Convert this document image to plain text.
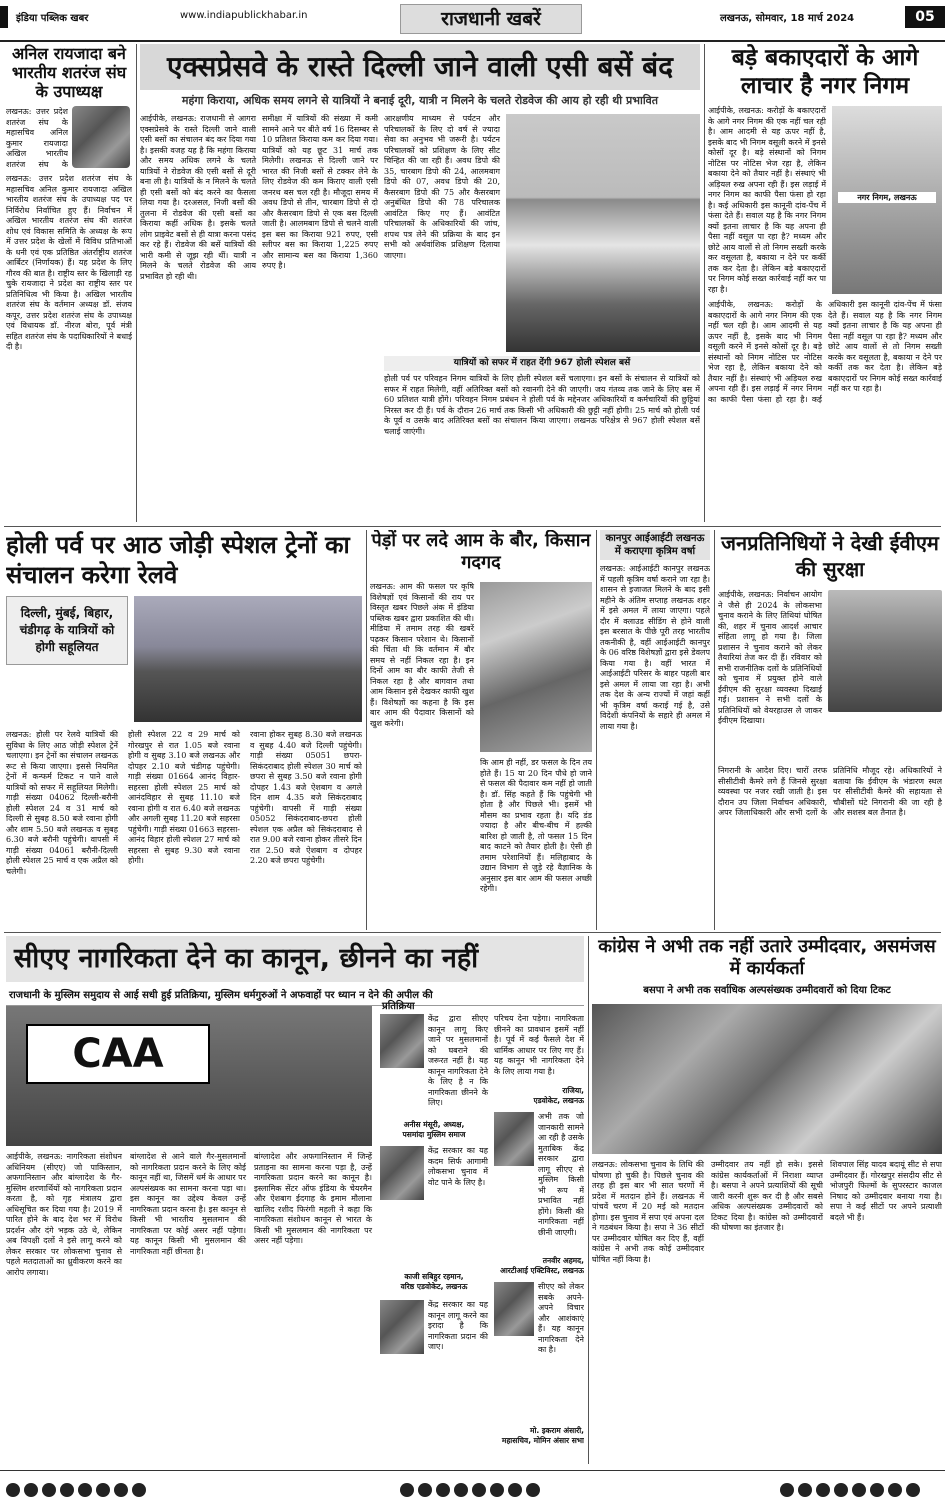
इंडिया पब्लिक खबर	www.indiapublickhabar.in	राजधानी खबरें	लखनऊ, सोमवार, 18 मार्च 2024	05
अनिल रायजादा बने भारतीय शतरंज संघ के उपाध्यक्ष
लखनऊ: उत्तर प्रदेश शतरंज संघ के महासचिव अनिल कुमार रायजादा अखिल भारतीय शतरंज संघ के
लखनऊ: उत्तर प्रदेश शतरंज संघ के महासचिव अनिल कुमार रायजादा अखिल भारतीय शतरंज संघ के उपाध्यक्ष पद पर निर्विरोध निर्वाचित हुए हैं। निर्वाचन में अखिल भारतीय शतरंज संघ की शतरंज शोध एवं विकास समिति के अध्यक्ष के रूप में उत्तर प्रदेश के खेलों में विविध प्रतिभाओं के धनी एवं एक प्रतिष्ठित अंतर्राष्ट्रीय शतरंज आर्बिटर (निर्णायक) हैं। यह प्रदेश के लिए गौरव की बात है। राष्ट्रीय स्तर के खिलाड़ी रह चुके रायजादा ने प्रदेश का राष्ट्रीय स्तर पर प्रतिनिधित्व भी किया है। अखिल भारतीय शतरंज संघ के वर्तमान अध्यक्ष डॉ. संजय कपूर, उत्तर प्रदेश शतरंज संघ के उपाध्यक्ष एवं विधायक डॉ. नीरज बोरा, पूर्व मंत्री सहित शतरंज संघ के पदाधिकारियों ने बधाई दी है।
एक्सप्रेसवे के रास्ते दिल्ली जाने वाली एसी बसें बंद
महंगा किराया, अधिक समय लगने से यात्रियों ने बनाई दूरी, यात्री न मिलने के चलते रोडवेज की आय हो रही थी प्रभावित
आईपीके, लखनऊ: राजधानी से आगरा एक्सप्रेसवे के रास्ते दिल्ली जाने वाली एसी बसों का संचालन बंद कर दिया गया है। इसकी वजह यह है कि महंगा किराया और समय अधिक लगने के चलते यात्रियों ने रोडवेज की एसी बसों से दूरी बना ली है। यात्रियों के न मिलने के चलते ही एसी बसों को बंद करने का फैसला लिया गया है। दरअसल, निजी बसों की तुलना में रोडवेज की एसी बसों का किराया कहीं अधिक है। इसके चलते लोग प्राइवेट बसों से ही यात्रा करना पसंद कर रहे हैं। रोडवेज की बसें यात्रियों की भारी कमी से जूझ रही थीं। यात्री न मिलने के चलते रोडवेज की आय प्रभावित हो रही थी।
समीक्षा में यात्रियों की संख्या में कमी सामने आने पर बीते वर्ष 16 दिसम्बर से 10 प्रतिशत किराया कम कर दिया गया। यात्रियों को यह छूट 31 मार्च तक मिलेगी। लखनऊ से दिल्ली जाने पर भारत की निजी बसों से टक्कर लेने के लिए रोडवेज की कम किराए वाली एसी जनरथ बस चल रही है। मौजूदा समय में अवध डिपो से तीन, चारबाग डिपो से दो और कैसरबाग डिपो से एक बस दिल्ली जाती है। आलमबाग डिपो से चलने वाली इस बस का किराया 921 रुपए, एसी स्लीपर बस का किराया 1,225 रुपए और सामान्य बस का किराया 1,360 रुपए है।
आरक्षणीय माध्यम से पर्यटन और परिचालकों के लिए दो वर्ष से ज्यादा सेवा का अनुभव भी जरूरी है। पर्यटन परिचालकों को प्रशिक्षण के लिए सीट चिन्हित की जा रही हैं। अवध डिपो की 35, चारबाग डिपो की 24, आलमबाग डिपो की 07, अवध डिपो की 20, कैसरबाग डिपो की 75 और कैसरबाग अनुबंधित डिपो की 78 परिचालक आवंटित किए गए हैं। आवंटित परिचालकों के अधिकारियों की जांच, शपथ पत्र लेने की प्रक्रिया के बाद इन सभी को अर्थवांशिक प्रशिक्षण दिलाया जाएगा।
यात्रियों को सफर में राहत देंगी 967 होली स्पेशल बसें
होली पर्व पर परिवहन निगम यात्रियों के लिए होली स्पेशल बसें चलाएगा। इन बसों के संचालन से यात्रियों को सफर में राहत मिलेगी, वहीं अतिरिक्त बसों को रवानगी देने की जाएगी। जय गंतव्य तक जाने के लिए बस में 60 प्रतिशत यात्री होंगे। परिवहन निगम प्रबंधन ने होली पर्व के मद्देनजर अधिकारियों व कर्मचारियों की छुट्टियां निरस्त कर दी हैं। पर्व के दौरान 26 मार्च तक किसी भी अधिकारी की छुट्टी नहीं होगी। 25 मार्च को होली पर्व के पूर्व व उसके बाद अतिरिक्त बसों का संचालन किया जाएगा। लखनऊ परिक्षेत्र से 967 होली स्पेशल बसें चलाई जाएंगी।
बड़े बकाएदारों के आगे लाचार है नगर निगम
आईपीके, लखनऊ: करोड़ों के बकाएदारों के आगे नगर निगम की एक नहीं चल रही है। आम आदमी से यह ऊपर नहीं है, इसके बाद भी निगम वसूली करने में इनसे कोसों दूर है। बड़े संस्थानों को निगम नोटिस पर नोटिस भेज रहा है, लेकिन बकाया देने को तैयार नहीं है। संस्थाएं भी अड़ियल रुख अपना रही हैं। इस लड़ाई में नगर निगम का काफी पैसा फंसा हो रहा है। कई अधिकारी इस कानूनी दांव-पेंच में फंसा देते हैं। सवाल यह है कि नगर निगम क्यों इतना लाचार है कि यह अपना ही पैसा नहीं वसूल पा रहा है? मध्यम और छोटे आय वालों से तो निगम सख्ती करके कर वसूलता है, बकाया न देने पर कर्की तक कर देता है। लेकिन बड़े बकाएदारों पर निगम कोई सख्त कार्रवाई नहीं कर पा रहा है।
नगर निगम, लखनऊ
आईपीके, लखनऊ: करोड़ों के बकाएदारों के आगे नगर निगम की एक नहीं चल रही है। आम आदमी से यह ऊपर नहीं है, इसके बाद भी निगम वसूली करने में इनसे कोसों दूर है। बड़े संस्थानों को निगम नोटिस पर नोटिस भेज रहा है, लेकिन बकाया देने को तैयार नहीं है। संस्थाएं भी अड़ियल रुख अपना रही हैं। इस लड़ाई में नगर निगम का काफी पैसा फंसा हो रहा है। कई अधिकारी इस कानूनी दांव-पेंच में फंसा देते हैं। सवाल यह है कि नगर निगम क्यों इतना लाचार है कि यह अपना ही पैसा नहीं वसूल पा रहा है? मध्यम और छोटे आय वालों से तो निगम सख्ती करके कर वसूलता है, बकाया न देने पर कर्की तक कर देता है। लेकिन बड़े बकाएदारों पर निगम कोई सख्त कार्रवाई नहीं कर पा रहा है।
होली पर्व पर आठ जोड़ी स्पेशल ट्रेनों का संचालन करेगा रेलवे
दिल्ली, मुंबई, बिहार, चंडीगढ़ के यात्रियों को होगी सहूलियत
लखनऊ: होली पर रेलवे यात्रियों की सुविधा के लिए आठ जोड़ी स्पेशल ट्रेनें चलाएगा। इन ट्रेनों का संचालन लखनऊ रूट से किया जाएगा। इससे नियमित ट्रेनों में कन्फर्म टिकट न पाने वाले यात्रियों को सफर में सहूलियत मिलेगी। गाड़ी संख्या 04062 दिल्ली-बरौनी होली स्पेशल 24 व 31 मार्च को दिल्ली से सुबह 8.50 बजे रवाना होगी और शाम 5.50 बजे लखनऊ व सुबह 6.30 बजे बरौनी पहुंचेगी। वापसी में गाड़ी संख्या 04061 बरौनी-दिल्ली होली स्पेशल 25 मार्च व एक अप्रैल को चलेगी।
होली स्पेशल 22 व 29 मार्च को गोरखपुर से रात 1.05 बजे रवाना होगी व सुबह 3.10 बजे लखनऊ और दोपहर 2.10 बजे चंडीगढ़ पहुंचेगी। गाड़ी संख्या 01664 आनंद विहार-सहरसा होली स्पेशल 25 मार्च को आनंदविहार से सुबह 11.10 बजे रवाना होगी व रात 6.40 बजे लखनऊ और अगली सुबह 11.20 बजे सहरसा पहुंचेगी। गाड़ी संख्या 01663 सहरसा-आनंद विहार होली स्पेशल 27 मार्च को सहरसा से सुबह 9.30 बजे रवाना होगी।
रवाना होकर सुबह 8.30 बजे लखनऊ व सुबह 4.40 बजे दिल्ली पहुंचेगी। गाड़ी संख्या 05051 छपरा-सिकंदराबाद होली स्पेशल 30 मार्च को छपरा से सुबह 3.50 बजे रवाना होगी दोपहर 1.43 बजे ऐशबाग व अगले दिन शाम 4.35 बजे सिकंदराबाद पहुंचेगी। वापसी में गाड़ी संख्या 05052 सिकंदराबाद-छपरा होली स्पेशल एक अप्रैल को सिकंदराबाद से रात 9.00 बजे रवाना होकर तीसरे दिन रात 2.50 बजे ऐशबाग व दोपहर 2.20 बजे छपरा पहुंचेगी।
पेड़ों पर लदे आम के बौर, किसान गदगद
लखनऊ: आम की फसल पर कृषि विशेषज्ञों एवं किसानों की राय पर विस्तृत खबर पिछले अंक में इंडिया पब्लिक खबर द्वारा प्रकाशित की थी। मीडिया में तमाम तरह की खबरें पढ़कर किसान परेशान थे। किसानों की चिंता थी कि वर्तमान में बौर समय से नहीं निकल रहा है। इन दिनों आम का बौर काफी तेजी से निकल रहा है और बागवान तथा आम किसान इसे देखकर काफी खुश हैं। विशेषज्ञों का कहना है कि इस बार आम की पैदावार किसानों को खुश करेगी।
कि आम ही नहीं, डर फसल के दिन तय होते हैं। 15 या 20 दिन पौधे हो जाने से फसल की पैदावार कम नहीं हो जाती है। डॉ. सिंह कहते हैं कि पहुंचेगी भी होता है और पिछले भी। इसमें भी मौसम का प्रभाव रहता है। यदि डंड ज्यादा है और बीच-बीच में हल्की बारिश हो जाती है, तो फसल 15 दिन बाद काटने को तैयार होती है। ऐसी ही तमाम परेशानियों हैं। मलिहाबाद के उद्यान विभाग से जुड़े रहे वैज्ञानिक के अनुसार इस बार आम की फसल अच्छी रहेगी।
कानपुर आईआईटी लखनऊ में कराएगा कृत्रिम वर्षा
लखनऊ: आईआईटी कानपुर लखनऊ में पहली कृत्रिम वर्षा कराने जा रहा है। शासन से इजाजत मिलने के बाद इसी महीने के अंतिम सप्ताह लखनऊ शहर में इसे अमल में लाया जाएगा। पहले दौर में क्लाउड सीडिंग से होने वाली इस बरसात के पीछे पूरी तरह भारतीय तकनीकी है, वहीं आईआईटी कानपुर के 06 वरिष्ठ विशेषज्ञों द्वारा इसे डेवलप किया गया है। वहीं भारत में आईआईटी परिसर के बाहर पहली बार इसे अमल में लाया जा रहा है। अभी तक देश के अन्य राज्यों में जहां कहीं भी कृत्रिम वर्षा कराई गई है, उसे विदेशी कंपनियों के सहारे ही अमल में लाया गया है।
जनप्रतिनिधियों ने देखी ईवीएम की सुरक्षा
आईपीके, लखनऊ: निर्वाचन आयोग ने जैसे ही 2024 के लोकसभा चुनाव कराने के लिए तिथियां घोषित की, शहर में चुनाव आदर्श आचार संहिता लागू हो गया है। जिला प्रशासन ने चुनाव कराने को लेकर तैयारियां तेज कर दी हैं। रविवार को सभी राजनीतिक दलों के प्रतिनिधियों को चुनाव में प्रयुक्त होने वाले ईवीएम की सुरक्षा व्यवस्था दिखाई गई। प्रशासन ने सभी दलों के प्रतिनिधियों को वेयरहाउस ले जाकर ईवीएम दिखाया।
निगरानी के आदेश दिए। चारों तरफ सीसीटीवी कैमरे लगे हैं जिनसे सुरक्षा व्यवस्था पर नजर रखी जाती है। इस दौरान उप जिला निर्वाचन अधिकारी, अपर जिलाधिकारी और सभी दलों के प्रतिनिधि मौजूद रहे। अधिकारियों ने बताया कि ईवीएम के भंडारण स्थल पर सीसीटीवी कैमरे की सहायता से चौबीसों घंटे निगरानी की जा रही है और सशस्त्र बल तैनात है।
सीएए नागरिकता देने का कानून, छीनने का नहीं
राजधानी के मुस्लिम समुदाय से आई सधी हुई प्रतिक्रिया, मुस्लिम धर्मगुरुओं ने अफवाहों पर ध्यान न देने की अपील की
CAA
आईपीके, लखनऊ: नागरिकता संशोधन अधिनियम (सीएए) जो पाकिस्तान, अफगानिस्तान और बांग्लादेश के गैर-मुस्लिम शरणार्थियों को नागरिकता प्रदान करता है, को गृह मंत्रालय द्वारा अधिसूचित कर दिया गया है। 2019 में पारित होने के बाद देश भर में विरोध प्रदर्शन और दंगे भड़क उठे थे, लेकिन अब विपक्षी दलों ने इसे लागू करने को लेकर सरकार पर लोकसभा चुनाव से पहले मतदाताओं का ध्रुवीकरण करने का आरोप लगाया।
बांग्लादेश से आने वाले गैर-मुसलमानों को नागरिकता प्रदान करने के लिए कोई कानून नहीं था, जिसमें धर्म के आधार पर अल्पसंख्यक का सामना करना पड़ा था। इस कानून का उद्देश्य केवल उन्हें नागरिकता प्रदान करना है। इस कानून से किसी भी भारतीय मुसलमान की नागरिकता पर कोई असर नहीं पड़ेगा। यह कानून किसी भी मुसलमान की नागरिकता नहीं छीनता है।
बांग्लादेश और अफगानिस्तान में जिन्हें प्रताड़ना का सामना करना पड़ा है, उन्हें नागरिकता प्रदान करने का कानून है। इस्लामिक सेंटर ऑफ इंडिया के चेयरमैन और ऐशबाग ईदगाह के इमाम मौलाना खालिद रशीद फिरंगी महली ने कहा कि नागरिकता संशोधन कानून से भारत के किसी भी मुसलमान की नागरिकता पर असर नहीं पड़ेगा।
प्रतिक्रिया
केंद्र द्वारा सीएए कानून लागू किए जाने पर मुसलमानों को घबराने की जरूरत नहीं है। यह कानून नागरिकता देने के लिए है न कि नागरिकता छीनने के लिए।
अनीस मंसूरी, अध्यक्ष,
पसमांदा मुस्लिम समाज
केंद्र सरकार का यह कदम सिर्फ आगामी लोकसभा चुनाव में वोट पाने के लिए है।
काजी सबिहुर रहमान,
वरिष्ठ एडवोकेट, लखनऊ
केंद्र सरकार का यह कानून लागू करने का इरादा है कि नागरिकता प्रदान की जाए।
परिचय देना पड़ेगा। नागरिकता छीनने का प्रावधान इसमें नहीं है। पूर्व में कई फैसले देश में धार्मिक आधार पर लिए गए हैं। यह कानून भी नागरिकता देने के लिए लाया गया है।
राजिया,
एडवोकेट, लखनऊ
अभी तक जो जानकारी सामने आ रही है उसके मुताबिक केंद्र सरकार द्वारा लागू सीएए से मुस्लिम किसी भी रूप में प्रभावित नहीं होंगे। किसी की नागरिकता नहीं छीनी जाएगी।
तनवीर अहमद,
आरटीआई एक्टिविस्ट, लखनऊ
सीएए को लेकर सबके अपने-अपने विचार और आशंकाएं हैं। यह कानून नागरिकता देने का है।
मो. इकराम अंसारी,
महासचिव, मोमिन अंसार सभा
कांग्रेस ने अभी तक नहीं उतारे उम्मीदवार, असमंजस में कार्यकर्ता
बसपा ने अभी तक सर्वाधिक अल्पसंख्यक उम्मीदवारों को दिया टिकट
लखनऊ: लोकसभा चुनाव के तिथि की घोषणा हो चुकी है। पिछले चुनाव की तरह ही इस बार भी सात चरणों में प्रदेश में मतदान होने हैं। लखनऊ में पांचवें चरण में 20 मई को मतदान होगा। इस चुनाव में सपा एवं अपना दल ने गठबंधन किया है। सपा ने 36 सीटों पर उम्मीदवार घोषित कर दिए हैं, वहीं कांग्रेस ने अभी तक कोई उम्मीदवार घोषित नहीं किया है।
उम्मीदवार तय नहीं हो सके। इससे कांग्रेस कार्यकर्ताओं में निराशा व्याप्त है। बसपा ने अपने प्रत्याशियों की सूची जारी करनी शुरू कर दी है और सबसे अधिक अल्पसंख्यक उम्मीदवारों को टिकट दिया है। कांग्रेस को उम्मीदवारों की घोषणा का इंतजार है।
शिवपाल सिंह यादव बदायूं सीट से सपा उम्मीदवार हैं। गोरखपुर संसदीय सीट से भोजपुरी फिल्मों के सुपरस्टार काजल निषाद को उम्मीदवार बनाया गया है। सपा ने कई सीटों पर अपने प्रत्याशी बदले भी हैं।
